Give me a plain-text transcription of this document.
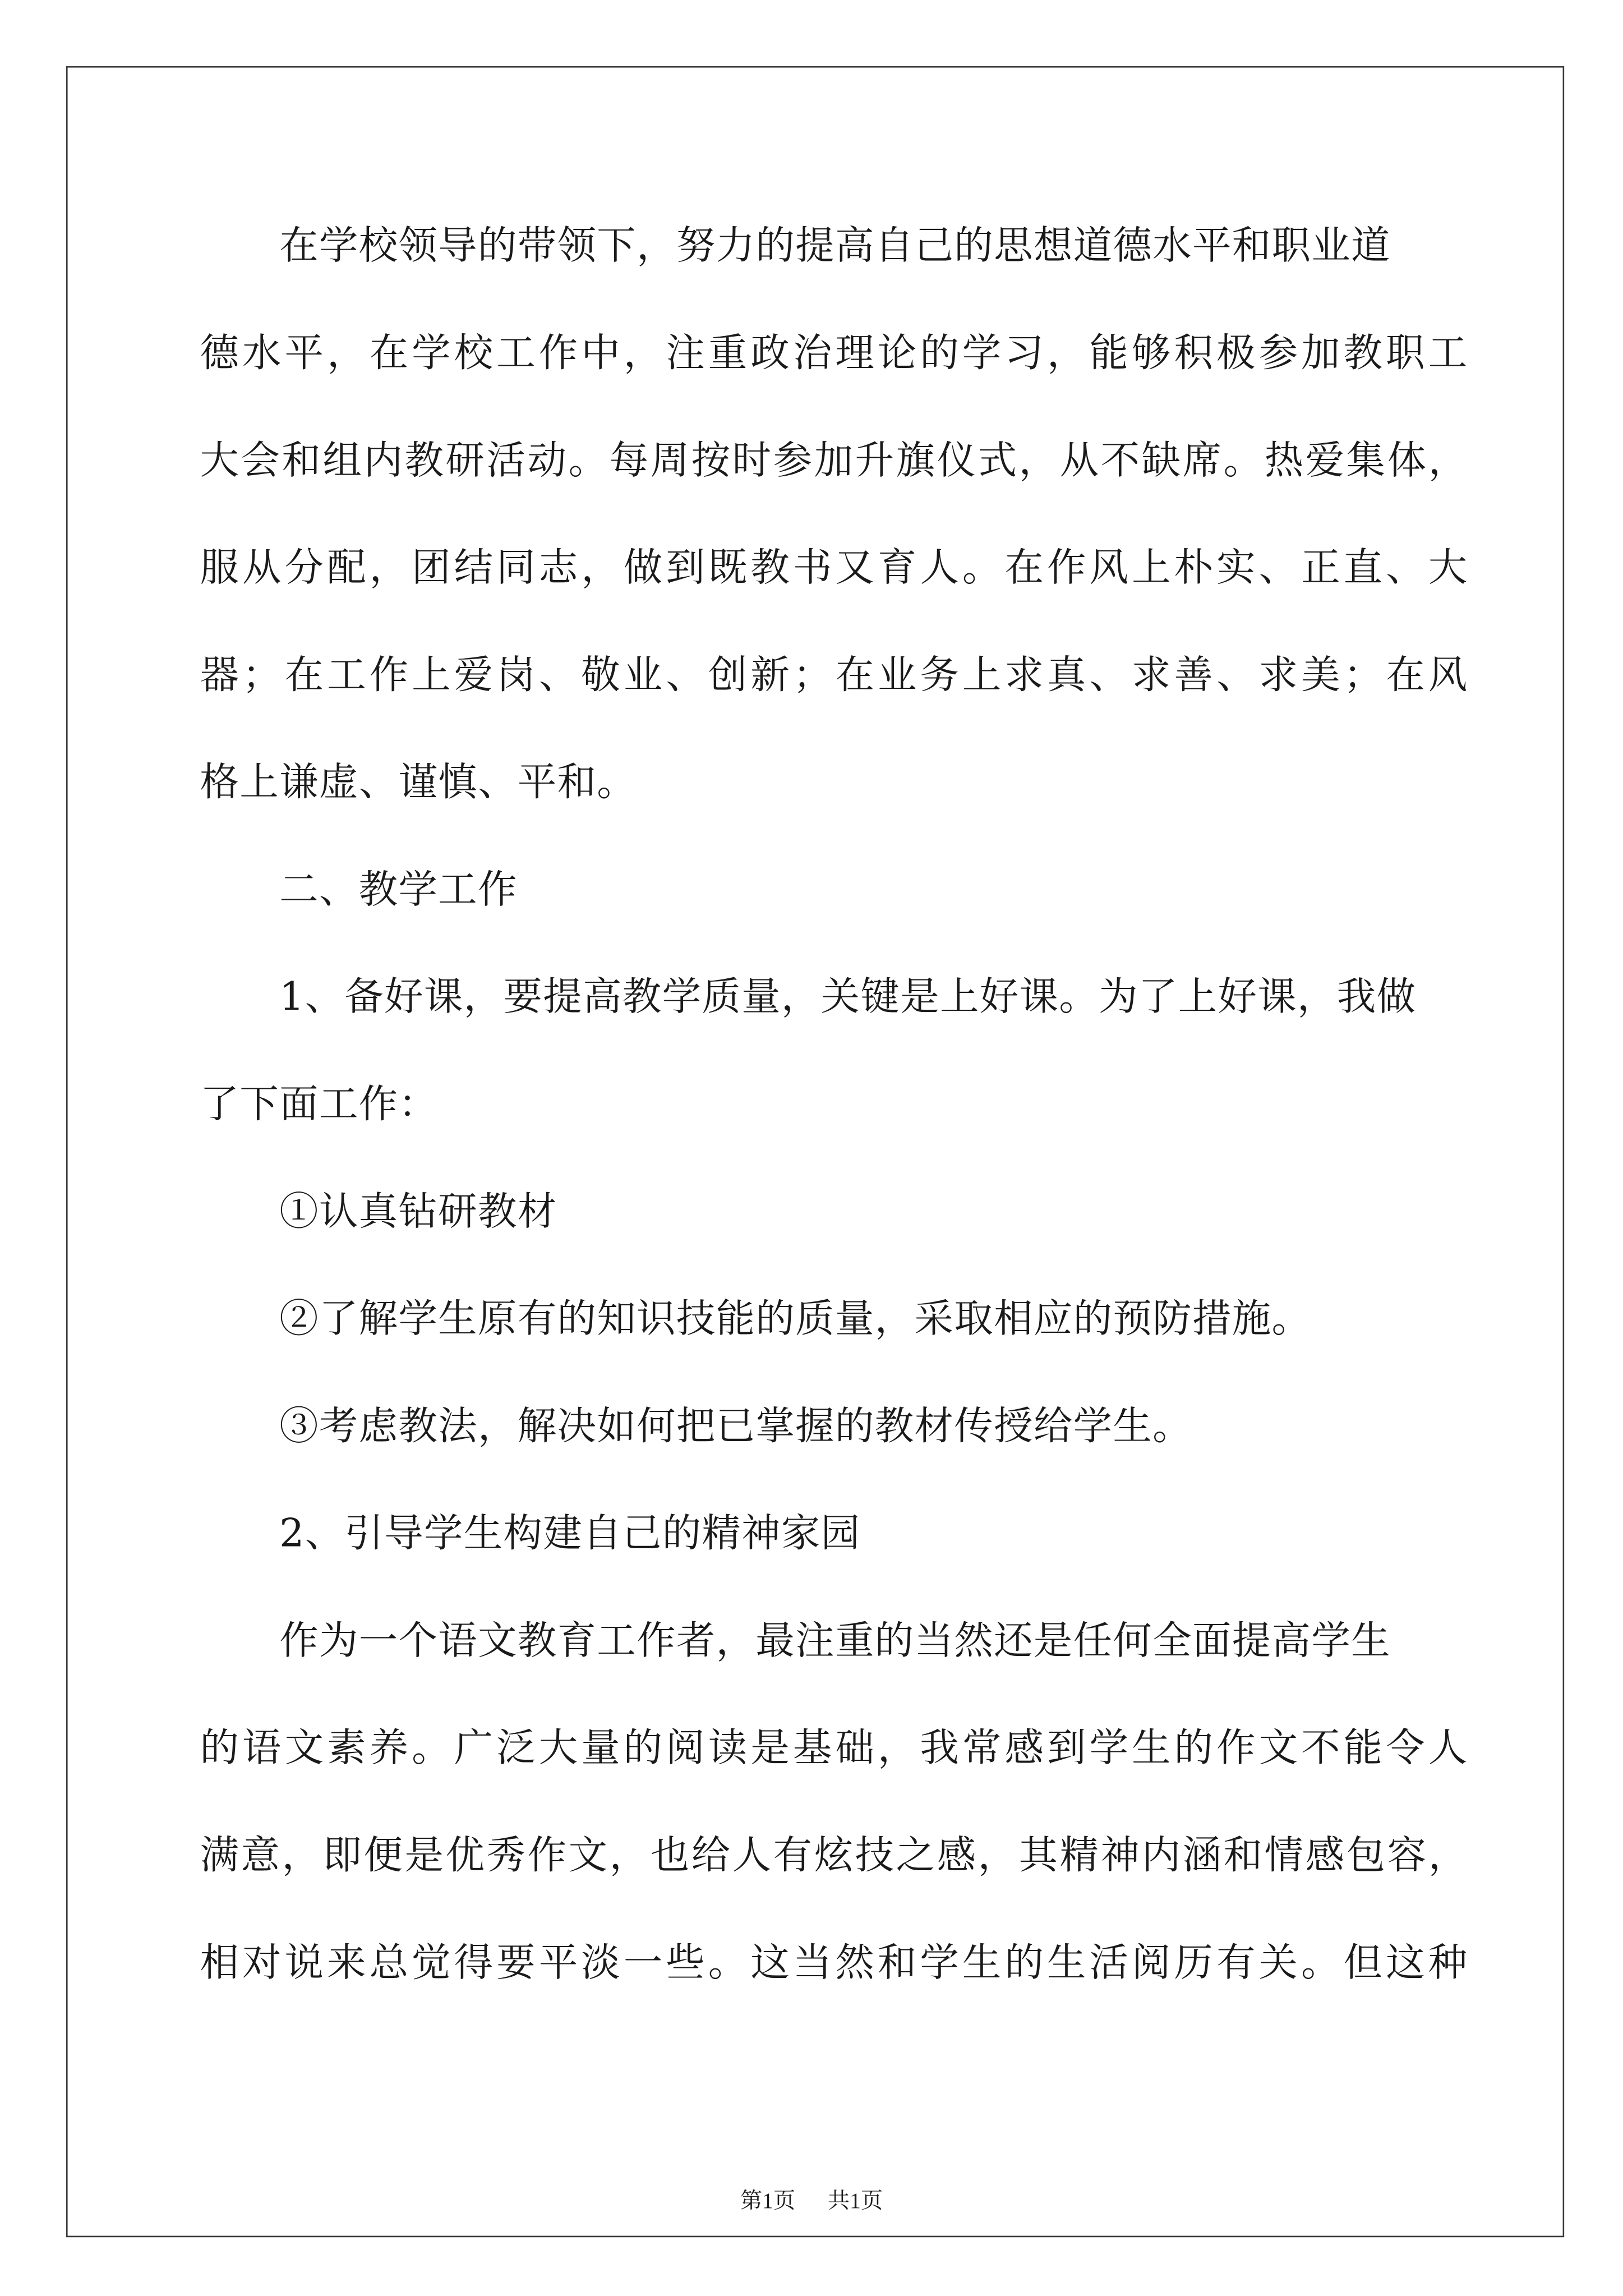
在学校领导的带领下，努力的提高自己的思想道德水平和职业道
德水平，在学校工作中，注重政治理论的学习，能够积极参加教职工
大会和组内教研活动。每周按时参加升旗仪式，从不缺席。热爱集体，
服从分配，团结同志，做到既教书又育人。在作风上朴实、正直、大
器；在工作上爱岗、敬业、创新；在业务上求真、求善、求美；在风
格上谦虚、谨慎、平和。
二、教学工作
1、备好课，要提高教学质量，关键是上好课。为了上好课，我做
了下面工作：
①认真钻研教材
②了解学生原有的知识技能的质量，采取相应的预防措施。
③考虑教法，解决如何把已掌握的教材传授给学生。
2、引导学生构建自己的精神家园
作为一个语文教育工作者，最注重的当然还是任何全面提高学生
的语文素养。广泛大量的阅读是基础，我常感到学生的作文不能令人
满意，即便是优秀作文，也给人有炫技之感，其精神内涵和情感包容，
相对说来总觉得要平淡一些。这当然和学生的生活阅历有关。但这种
第1页	共1页
